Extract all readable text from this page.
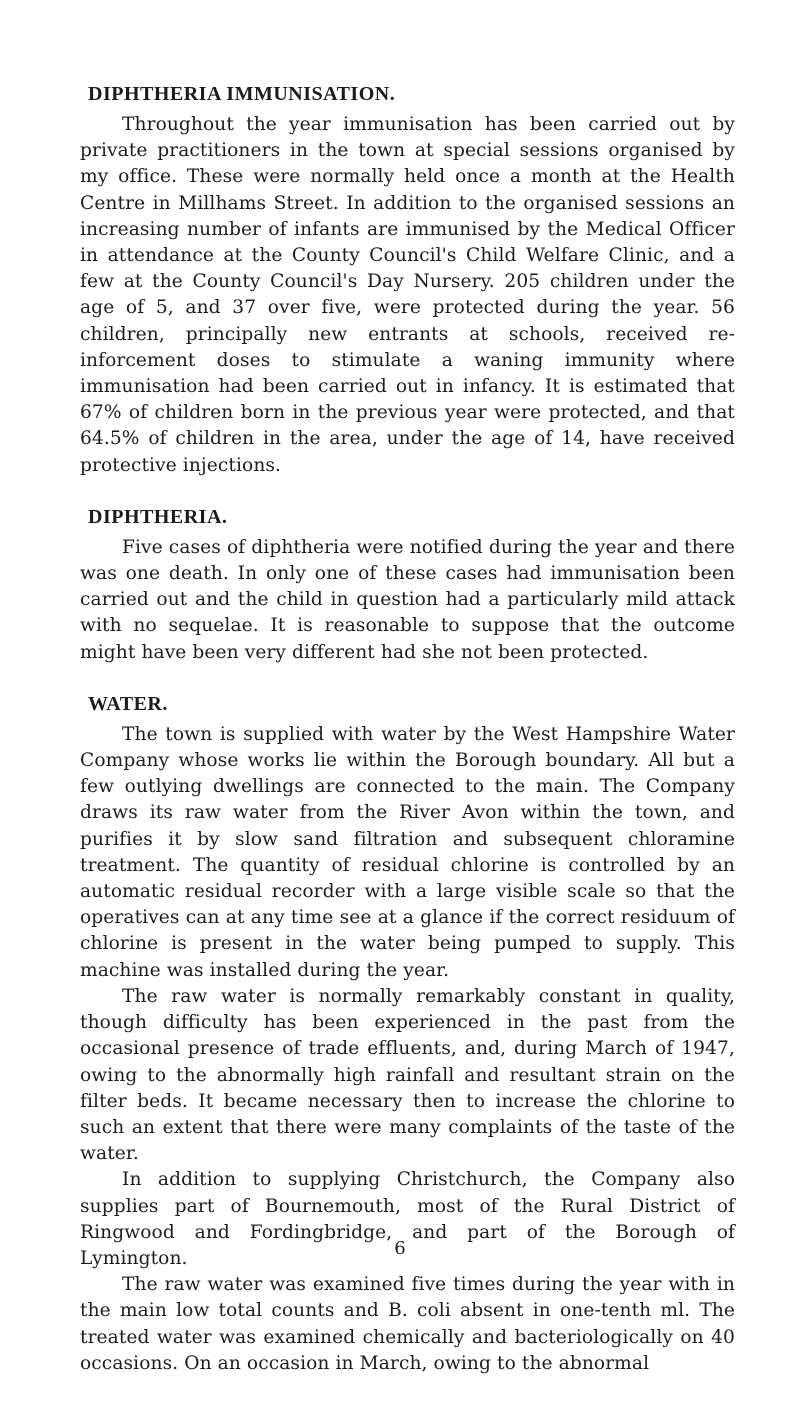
DIPHTHERIA IMMUNISATION.

Throughout the year immunisation has been carried out by private practitioners in the town at special sessions organised by my office. These were normally held once a month at the Health Centre in Millhams Street. In addition to the organised sessions an increasing number of infants are immunised by the Medical Officer in attendance at the County Council's Child Welfare Clinic, and a few at the County Council's Day Nursery. 205 children under the age of 5, and 37 over five, were protected during the year. 56 children, principally new entrants at schools, received re-inforcement doses to stimulate a waning immunity where immunisation had been carried out in infancy. It is estimated that 67% of children born in the previous year were protected, and that 64.5% of children in the area, under the age of 14, have received protective injections.

DIPHTHERIA.

Five cases of diphtheria were notified during the year and there was one death. In only one of these cases had immunisation been carried out and the child in question had a particularly mild attack with no sequelae. It is reasonable to suppose that the outcome might have been very different had she not been protected.

WATER.

The town is supplied with water by the West Hampshire Water Company whose works lie within the Borough boundary. All but a few outlying dwellings are connected to the main. The Company draws its raw water from the River Avon within the town, and purifies it by slow sand filtration and subsequent chloramine treatment. The quantity of residual chlorine is controlled by an automatic residual recorder with a large visible scale so that the operatives can at any time see at a glance if the correct residuum of chlorine is present in the water being pumped to supply. This machine was installed during the year.

The raw water is normally remarkably constant in quality, though difficulty has been experienced in the past from the occasional presence of trade effluents, and, during March of 1947, owing to the abnormally high rainfall and resultant strain on the filter beds. It became necessary then to increase the chlorine to such an extent that there were many complaints of the taste of the water.

In addition to supplying Christchurch, the Company also supplies part of Bournemouth, most of the Rural District of Ringwood and Fordingbridge, and part of the Borough of Lymington.

The raw water was examined five times during the year with in the main low total counts and B. coli absent in one-tenth ml. The treated water was examined chemically and bacteriologically on 40 occasions. On an occasion in March, owing to the abnormal

6
